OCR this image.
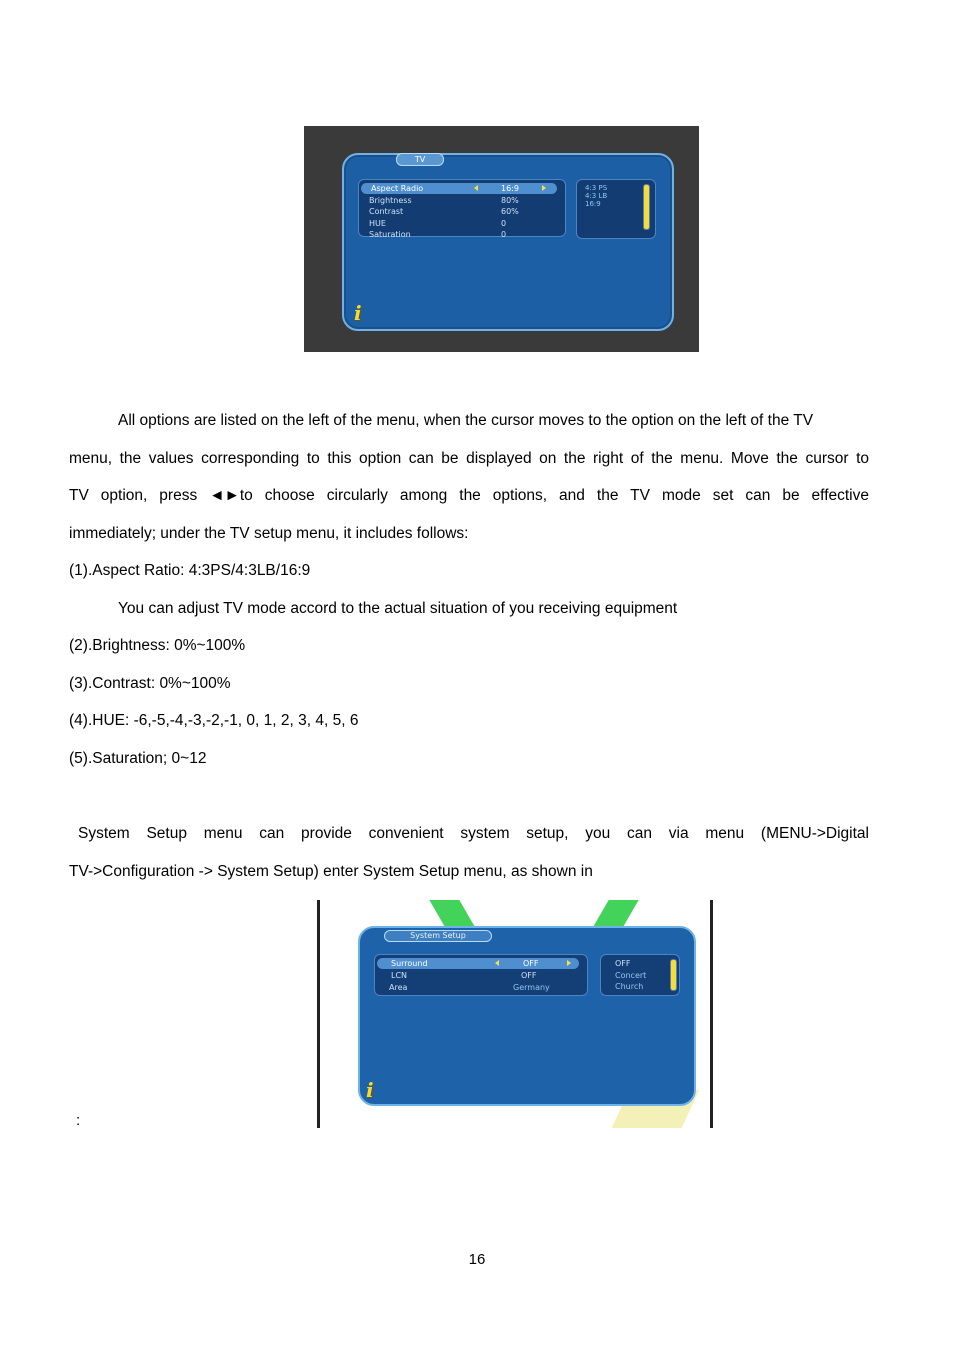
TV
Aspect Radio	16:9
Brightness	80%
Contrast	60%
HUE	0
Saturation	0
4:3 PS
4:3 LB
16:9
i
All options are listed on the left of the menu, when the cursor moves to the option on the left of the TV
menu, the values corresponding to this option can be displayed on the right of the menu. Move the cursor to
TV option, press ◄►to choose circularly among the options, and the TV mode set can be effective
immediately; under the TV setup menu, it includes follows:
(1).Aspect Ratio: 4:3PS/4:3LB/16:9
You can adjust TV mode accord to the actual situation of you receiving equipment
(2).Brightness: 0%~100%
(3).Contrast: 0%~100%
(4).HUE: -6,-5,-4,-3,-2,-1, 0, 1, 2, 3, 4, 5, 6
(5).Saturation; 0~12
System Setup menu can provide convenient system setup, you can via menu (MENU->Digital
TV->Configuration -> System Setup) enter System Setup menu, as shown in
System Setup
Surround	OFF
LCN	OFF
Area	Germany
OFF
Concert
Church
i
:
16
